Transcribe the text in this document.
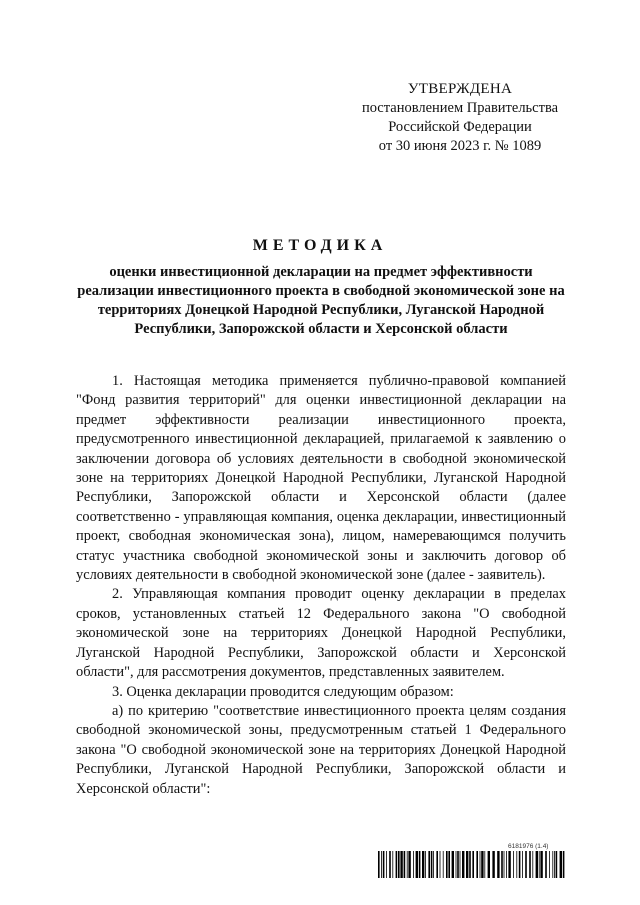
УТВЕРЖДЕНА
постановлением Правительства
Российской Федерации
от 30 июня 2023 г. № 1089
МЕТОДИКА
оценки инвестиционной декларации на предмет эффективности реализации инвестиционного проекта в свободной экономической зоне на территориях Донецкой Народной Республики, Луганской Народной Республики, Запорожской области и Херсонской области

1. Настоящая методика применяется публично-правовой компанией "Фонд развития территорий" для оценки инвестиционной декларации на предмет эффективности реализации инвестиционного проекта, предусмотренного инвестиционной декларацией, прилагаемой к заявлению о заключении договора об условиях деятельности в свободной экономической зоне на территориях Донецкой Народной Республики, Луганской Народной Республики, Запорожской области и Херсонской области (далее соответственно - управляющая компания, оценка декларации, инвестиционный проект, свободная экономическая зона), лицом, намеревающимся получить статус участника свободной экономической зоны и заключить договор об условиях деятельности в свободной экономической зоне (далее - заявитель).

2. Управляющая компания проводит оценку декларации в пределах сроков, установленных статьей 12 Федерального закона "О свободной экономической зоне на территориях Донецкой Народной Республики, Луганской Народной Республики, Запорожской области и Херсонской области", для рассмотрения документов, представленных заявителем.

3. Оценка декларации проводится следующим образом:

а) по критерию "соответствие инвестиционного проекта целям создания свободной экономической зоны, предусмотренным статьей 1 Федерального закона "О свободной экономической зоне на территориях Донецкой Народной Республики, Луганской Народной Республики, Запорожской области и Херсонской области":

6181976 (1.4)
